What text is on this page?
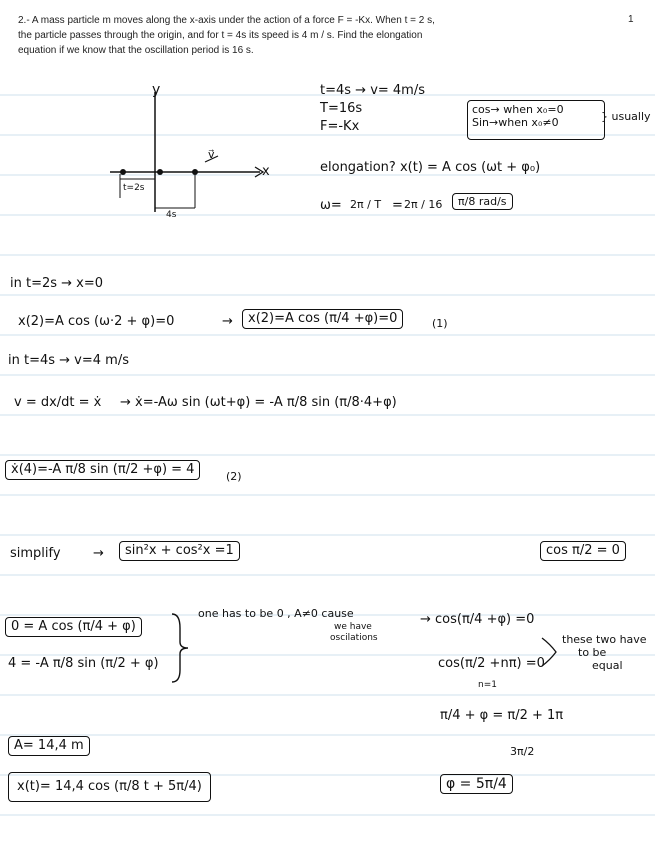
2.- A mass particle m moves along the x-axis under the action of a force F = -Kx. When t = 2 s,
the particle passes through the origin, and for t = 4s its speed is 4 m / s. Find the elongation
equation if we know that the oscillation period is 16 s.
1
y
x
v⃗
t=2s
4s
t=4s → v= 4m/s
T=16s
F=-Kx
cos→ when x₀=0
Sin→when x₀≠0	} usually
elongation? x(t) = A cos (ωt + φ₀)
ω= 2π / T = 2π / 16	π/8 rad/s
in t=2s → x=0
x(2)=A cos (ω·2 + φ)=0	→	x(2)=A cos (π/4 +φ)=0	(1)
in t=4s → v=4 m/s
v = dx/dt = ẋ → ẋ=-Aω sin (ωt+φ) = -A π/8 sin (π/8·4+φ)
ẋ(4)=-A π/8 sin (π/2 +φ) = 4	(2)
simplify →	sin²x + cos²x =1	cos π/2 = 0
0 = A cos (π/4 + φ)
4 = -A π/8 sin (π/2 + φ)
one has to be 0 , A≠0 cause
we have
oscilations
→ cos(π/4 +φ) =0
cos(π/2 +nπ) =0
n=1
these two have
to be
equal
π/4 + φ = π/2 + 1π
3π/2
φ = 5π/4
A= 14,4 m
x(t)= 14,4 cos (π/8 t + 5π/4)
